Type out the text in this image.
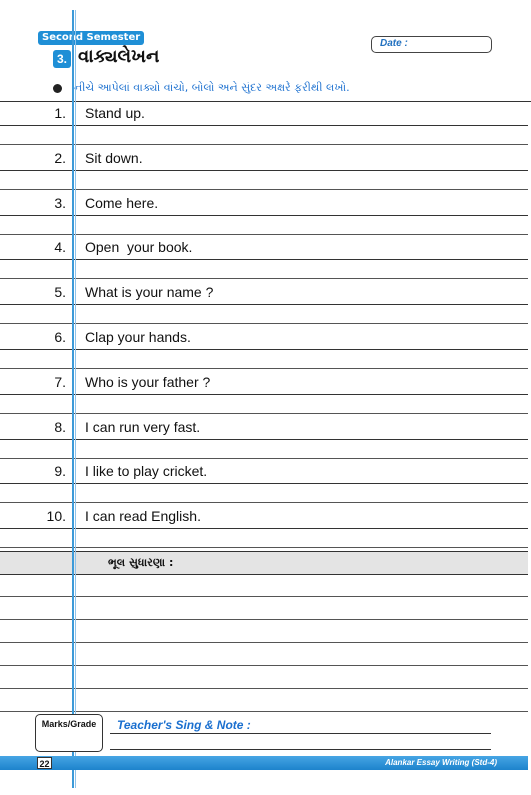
Second Semester
3. વાક્યલેખન
Date :
નીચે આપેલાં વાક્યો વાંચો, બોલો અને સુંદર અક્ષરે ફરીથી લખો.
1. Stand up.
2. Sit down.
3. Come here.
4. Open  your book.
5. What is your name ?
6. Clap your hands.
7. Who is your father ?
8. I can run very fast.
9. I like to play cricket.
10. I can read English.
ભૂલ સુધારણા :
Marks/Grade	Teacher's Sing & Note :
22	Alankar Essay Writing (Std-4)
